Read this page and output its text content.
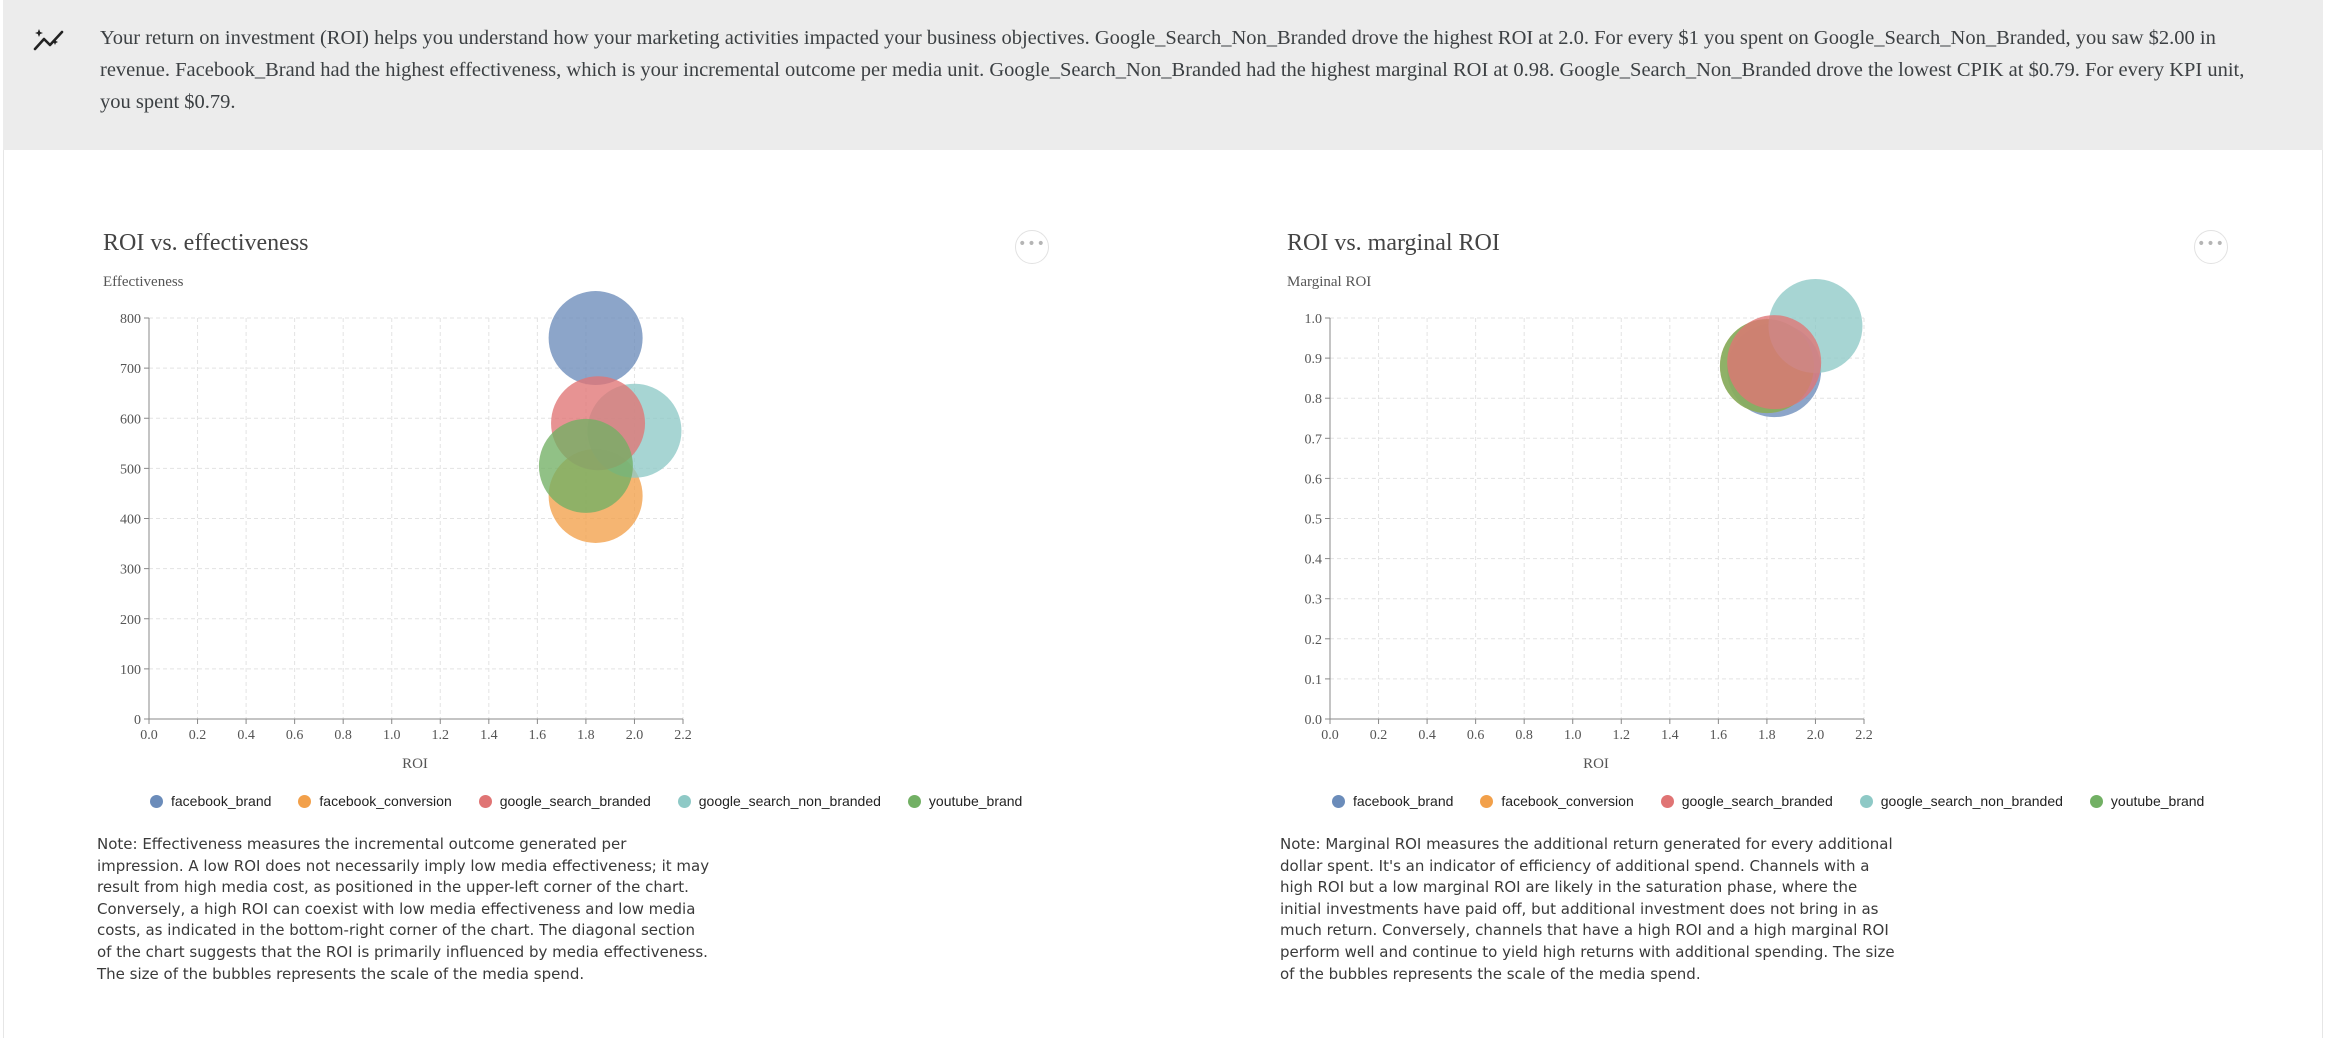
Your return on investment (ROI) helps you understand how your marketing activities impacted your business objectives. Google_Search_Non_Branded drove the highest ROI at 2.0. For every $1 you spent on Google_Search_Non_Branded, you saw $2.00 in revenue. Facebook_Brand had the highest effectiveness, which is your incremental outcome per media unit. Google_Search_Non_Branded had the highest marginal ROI at 0.98. Google_Search_Non_Branded drove the lowest CPIK at $0.79. For every KPI unit, you spent $0.79.
ROI vs. effectiveness	•••
Effectiveness
0.0 0.2 0.4 0.6 0.8 1.0 1.2 1.4 1.6 1.8 2.0 2.2
0
100
200
300
400
500
600
700
800
ROI
facebook_brand	facebook_conversion	google_search_branded	google_search_non_branded	youtube_brand
Note: Effectiveness measures the incremental outcome generated per impression. A low ROI does not necessarily imply low media effectiveness; it may result from high media cost, as positioned in the upper-left corner of the chart. Conversely, a high ROI can coexist with low media effectiveness and low media costs, as indicated in the bottom-right corner of the chart. The diagonal section of the chart suggests that the ROI is primarily influenced by media effectiveness. The size of the bubbles represents the scale of the media spend.
ROI vs. marginal ROI	•••
Marginal ROI
0.0 0.2 0.4 0.6 0.8 1.0 1.2 1.4 1.6 1.8 2.0 2.2
0.0
0.1
0.2
0.3
0.4
0.5
0.6
0.7
0.8
0.9
1.0
ROI
facebook_brand	facebook_conversion	google_search_branded	google_search_non_branded	youtube_brand
Note: Marginal ROI measures the additional return generated for every additional dollar spent. It's an indicator of efficiency of additional spend. Channels with a high ROI but a low marginal ROI are likely in the saturation phase, where the initial investments have paid off, but additional investment does not bring in as much return. Conversely, channels that have a high ROI and a high marginal ROI perform well and continue to yield high returns with additional spending. The size of the bubbles represents the scale of the media spend.
